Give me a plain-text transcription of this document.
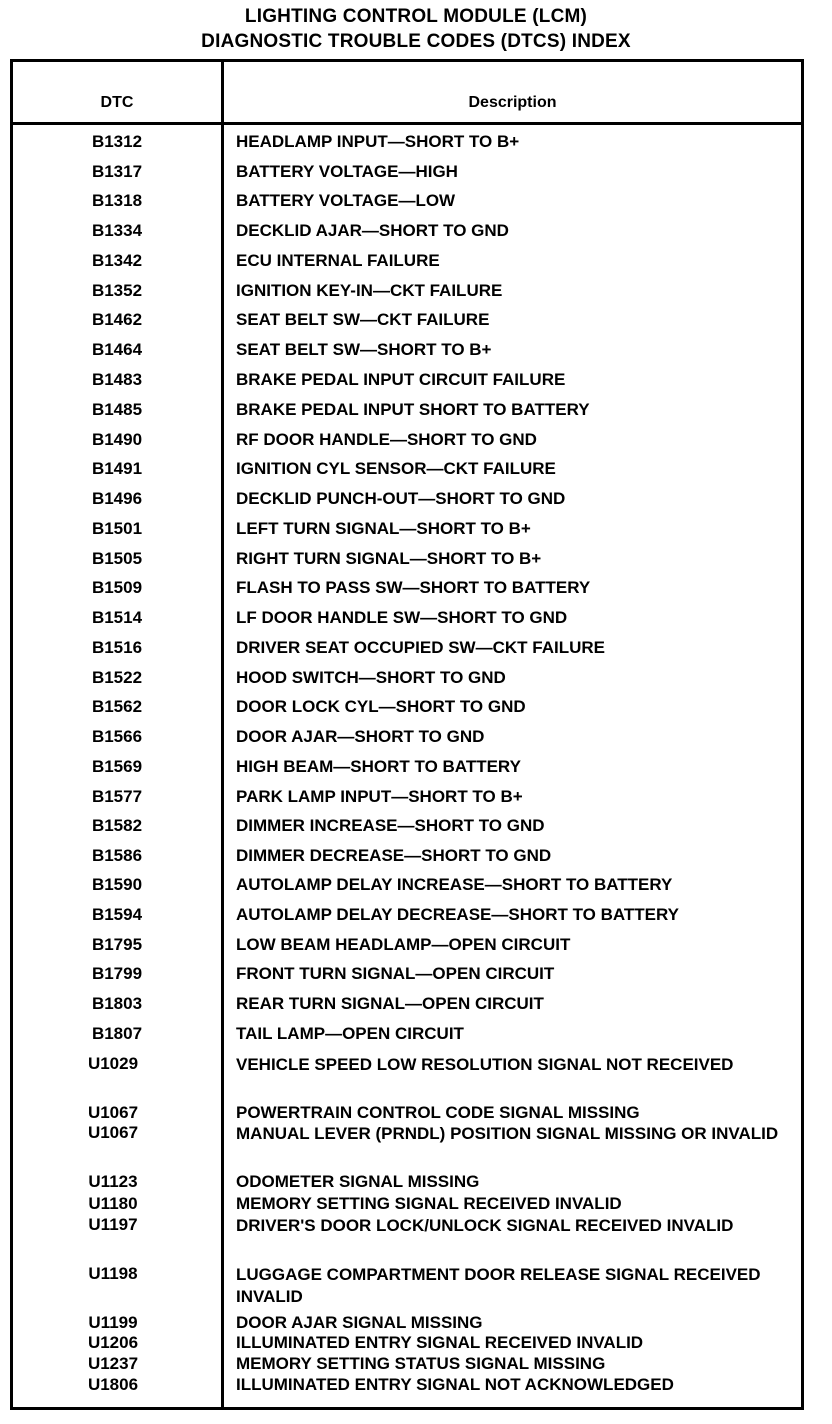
LIGHTING CONTROL MODULE (LCM)
DIAGNOSTIC TROUBLE CODES (DTCS) INDEX
DTC	Description
B1312	HEADLAMP INPUT—SHORT TO B+
B1317	BATTERY VOLTAGE—HIGH
B1318	BATTERY VOLTAGE—LOW
B1334	DECKLID AJAR—SHORT TO GND
B1342	ECU INTERNAL FAILURE
B1352	IGNITION KEY-IN—CKT FAILURE
B1462	SEAT BELT SW—CKT FAILURE
B1464	SEAT BELT SW—SHORT TO B+
B1483	BRAKE PEDAL INPUT CIRCUIT FAILURE
B1485	BRAKE PEDAL INPUT SHORT TO BATTERY
B1490	RF DOOR HANDLE—SHORT TO GND
B1491	IGNITION CYL SENSOR—CKT FAILURE
B1496	DECKLID PUNCH-OUT—SHORT TO GND
B1501	LEFT TURN SIGNAL—SHORT TO B+
B1505	RIGHT TURN SIGNAL—SHORT TO B+
B1509	FLASH TO PASS SW—SHORT TO BATTERY
B1514	LF DOOR HANDLE SW—SHORT TO GND
B1516	DRIVER SEAT OCCUPIED SW—CKT FAILURE
B1522	HOOD SWITCH—SHORT TO GND
B1562	DOOR LOCK CYL—SHORT TO GND
B1566	DOOR AJAR—SHORT TO GND
B1569	HIGH BEAM—SHORT TO BATTERY
B1577	PARK LAMP INPUT—SHORT TO B+
B1582	DIMMER INCREASE—SHORT TO GND
B1586	DIMMER DECREASE—SHORT TO GND
B1590	AUTOLAMP DELAY INCREASE—SHORT TO BATTERY
B1594	AUTOLAMP DELAY DECREASE—SHORT TO BATTERY
B1795	LOW BEAM HEADLAMP—OPEN CIRCUIT
B1799	FRONT TURN SIGNAL—OPEN CIRCUIT
B1803	REAR TURN SIGNAL—OPEN CIRCUIT
B1807	TAIL LAMP—OPEN CIRCUIT
U1029	VEHICLE SPEED LOW RESOLUTION SIGNAL NOT RECEIVED
U1067	POWERTRAIN CONTROL CODE SIGNAL MISSING
U1067	MANUAL LEVER (PRNDL) POSITION SIGNAL MISSING OR INVALID
U1123	ODOMETER SIGNAL MISSING
U1180	MEMORY SETTING SIGNAL RECEIVED INVALID
U1197	DRIVER'S DOOR LOCK/UNLOCK SIGNAL RECEIVED INVALID
U1198	LUGGAGE COMPARTMENT DOOR RELEASE SIGNAL RECEIVED INVALID
U1199	DOOR AJAR SIGNAL MISSING
U1206	ILLUMINATED ENTRY SIGNAL RECEIVED INVALID
U1237	MEMORY SETTING STATUS SIGNAL MISSING
U1806	ILLUMINATED ENTRY SIGNAL NOT ACKNOWLEDGED
